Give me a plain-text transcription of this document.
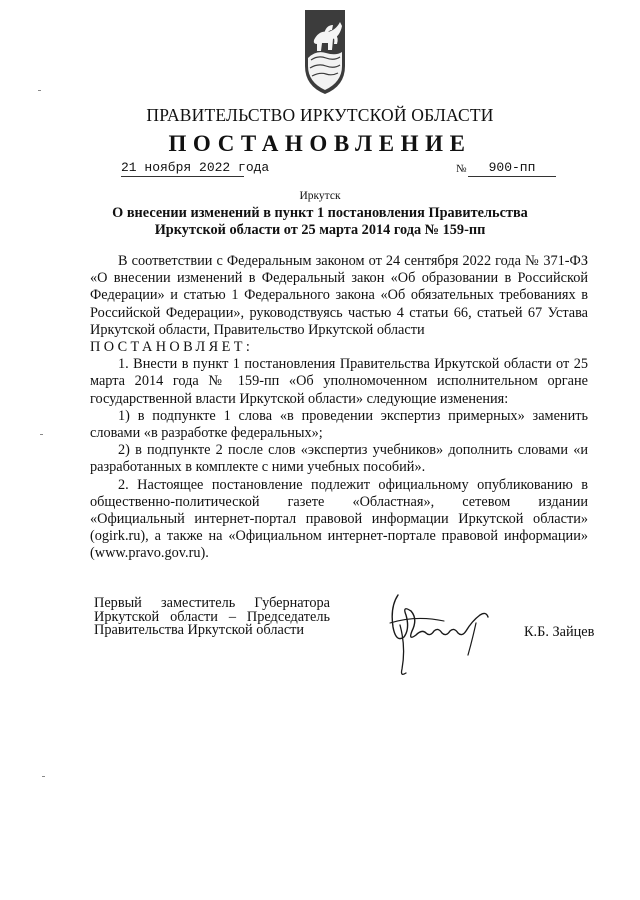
ПРАВИТЕЛЬСТВО ИРКУТСКОЙ ОБЛАСТИ
ПОСТАНОВЛЕНИЕ
21 ноября 2022 года	№	900-пп
Иркутск
О внесении изменений в пункт 1 постановления Правительства Иркутской области от 25 марта 2014 года № 159-пп

В соответствии с Федеральным законом от 24 сентября 2022 года № 371-ФЗ «О внесении изменений в Федеральный закон «Об образовании в Российской Федерации» и статью 1 Федерального закона «Об обязательных требованиях в Российской Федерации», руководствуясь частью 4 статьи 66, статьей 67 Устава Иркутской области, Правительство Иркутской области

ПОСТАНОВЛЯЕТ:

1. Внести в пункт 1 постановления Правительства Иркутской области от 25 марта 2014 года № 159-пп «Об уполномоченном исполнительном органе государственной власти Иркутской области» следующие изменения:

1) в подпункте 1 слова «в проведении экспертиз примерных» заменить словами «в разработке федеральных»;

2) в подпункте 2 после слов «экспертиз учебников» дополнить словами «и разработанных в комплекте с ними учебных пособий».

2. Настоящее постановление подлежит официальному опубликованию в общественно-политической газете «Областная», сетевом издании «Официальный интернет-портал правовой информации Иркутской области» (ogirk.ru), а также на «Официальном интернет-портале правовой информации» (www.pravo.gov.ru).

Первый заместитель Губернатора
Иркутской области – Председатель
Правительства Иркутской области	К.Б. Зайцев
